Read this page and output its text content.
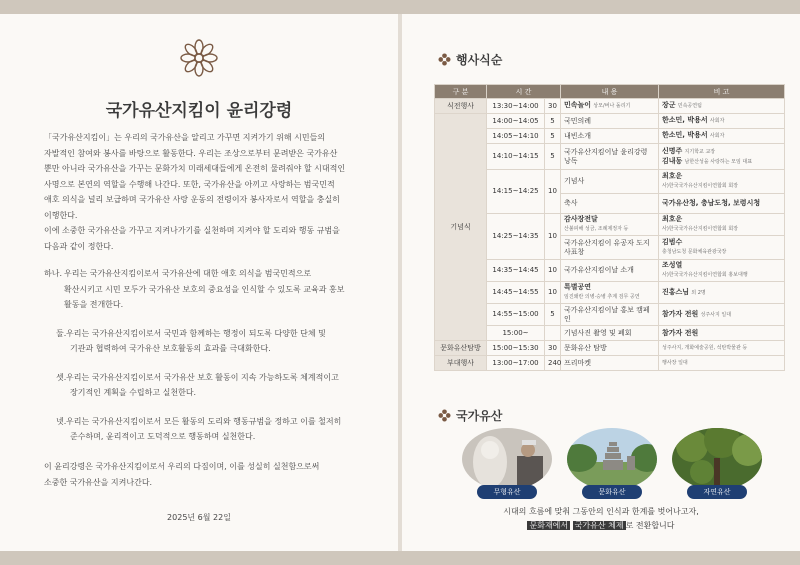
국가유산지킴이 윤리강령

「국가유산지킴이」는 우리의 국가유산을 알리고 가꾸면 지켜가기 위해 시민들의

자발적인 참여와 봉사를 바탕으로 활동한다. 우리는 조상으로부터 문려받은 국가유산

뿐만 아니라 국가유산을 가꾸는 문화가치 미래세대들에게 온전히 물려줘야 할 시대적인

사명으로 본연의 역할을 수행해 나간다. 또한, 국가유산을 아끼고 사랑하는 범국민적

애호 의식을 널리 보급하며 국가유산 사랑 운동의 전령이자 봉사자로서 역할을 충실히

이행한다.

이에 소중한 국가유산을 가꾸고 지켜나가기를 실천하며 지켜야 할 도리와 행동 규범을

다음과 같이 정한다.

하나. 우리는 국가유산지킴이로서 국가유산에 대한 애호 의식을 범국민적으로
확산시키고 시민 모두가 국가유산 보호의 중요성을 인식할 수 있도록 교육과 홍보
활동을 전개한다.
둘. 우리는 국가유산지킴이로서 국민과 함께하는 행정이 되도록 다양한 단체 및
기관과 협력하여 국가유산 보호활동의 효과를 극대화한다.
셋. 우리는 국가유산지킴이로서 국가유산 보호 활동이 지속 가능하도록 체계적이고
장기적인 계획을 수립하고 실천한다.
넷. 우리는 국가유산지킴이로서 모든 활동의 도리와 행동규범을 정하고 이를 철저히
준수하며, 윤리적이고 도덕적으로 행동하며 실천한다.

이 윤리강령은 국가유산지킴이로서 우리의 다짐이며, 이를 성실히 실천함으로써

소중한 국가유산을 지켜나간다.

2025년 6월 22일
행사식순
구 분	시 간		내 용	비 고
식전행사	13:30~14:00	30	민속놀이 상모/버나 돌리기	장군 민속공연팀
기념식	14:00~14:05	5	국민의례	한소민, 박용서 사회자
	14:05~14:10	5	내빈소개	한소민, 박용서 사회자
	14:10~14:15	5	국가유산지킴이날 윤리강령 낭독	신명주 지기학교 교장
김내동 남한산성을 사랑하는 모임 대표
	14:15~14:25	10	기념사	최호운
사)한국국가유산지킴이연합회 회장
			축사	국가유산청, 충남도청, 보령시청
	14:25~14:35	10	감사장전달
산불피해 성금, 조례제정자 등	최호운
사)한국국가유산지킴이연합회 회장
			국가유산지킴이 유공자 도지사표창	김범수
충청남도청 문화체육관광국장
	14:35~14:45	10	국가유산지킴이날 소개	조성열
사)한국국가유산지킴이연합회 홍보대행
	14:45~14:55	10	특별공연
임진왜란 의병·승병 추계 검무 공연	진홍스님 외 2명
	14:55~15:00	5	국가유산지킴이날 홍보 캠페인	참가자 전원 성주사지 일대
	15:00~		기념사진 촬영 및 폐회	참가자 전원
문화유산탐방	15:00~15:30	30	문화유산 탐방	성주사지, 개화예술공원, 석탄박물관 등
부대행사	13:00~17:00	240	프리마켓	행사장 일대
국가유산
무형유산	문화유산	자연유산
시대의 흐름에 맞춰 그동안의 인식과 한계를 벗어나고자,
문화재에서 국가유산 체제 로 전환합니다
